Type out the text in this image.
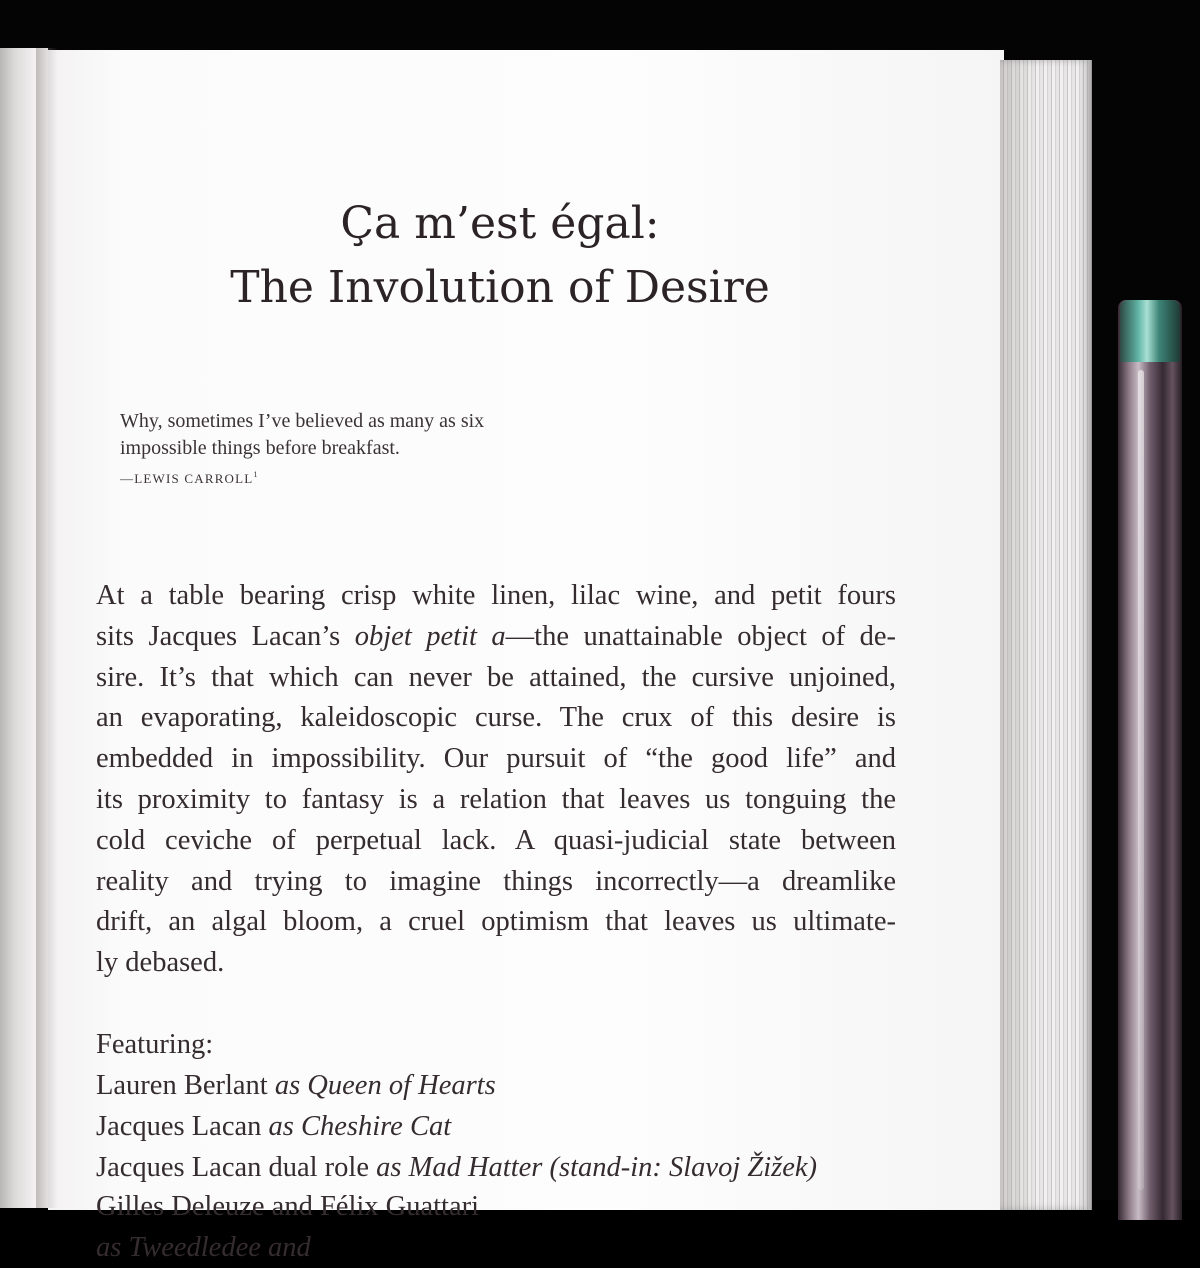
Ça m’est égal:
The Involution of Desire
Why, sometimes I’ve believed as many as six
impossible things before breakfast.
—LEWIS CARROLL$^1$
At a table bearing crisp white linen, lilac wine, and petit fours
sits Jacques Lacan’s objet petit a—the unattainable object of de-
sire. It’s that which can never be attained, the cursive unjoined,
an evaporating, kaleidoscopic curse. The crux of this desire is
embedded in impossibility. Our pursuit of “the good life” and
its proximity to fantasy is a relation that leaves us tonguing the
cold ceviche of perpetual lack. A quasi-judicial state between
reality and trying to imagine things incorrectly—a dreamlike
drift, an algal bloom, a cruel optimism that leaves us ultimate-
ly debased.
Featuring:
Lauren Berlant as Queen of Hearts
Jacques Lacan as Cheshire Cat
Jacques Lacan dual role as Mad Hatter (stand-in: Slavoj Žižek)
Gilles Deleuze and Félix Guattari
as Tweedledee and
